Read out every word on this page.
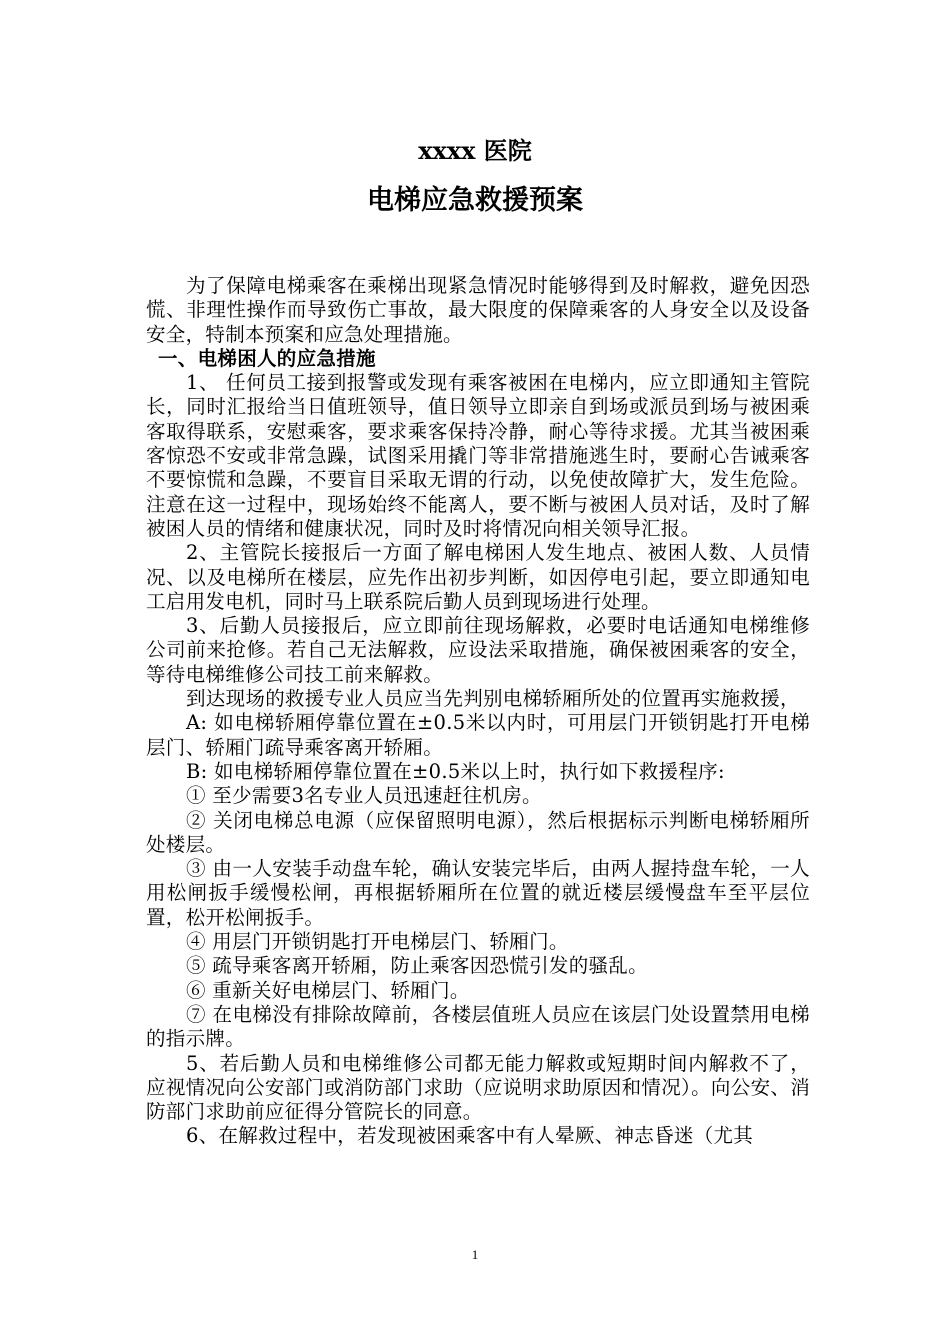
xxxx 医院
电梯应急救援预案

为了保障电梯乘客在乘梯出现紧急情况时能够得到及时解救，避免因恐慌、非理性操作而导致伤亡事故，最大限度的保障乘客的人身安全以及设备安全，特制本预案和应急处理措施。

一、电梯困人的应急措施

1、 任何员工接到报警或发现有乘客被困在电梯内，应立即通知主管院长，同时汇报给当日值班领导，值日领导立即亲自到场或派员到场与被困乘客取得联系，安慰乘客，要求乘客保持冷静，耐心等待求援。尤其当被困乘客惊恐不安或非常急躁，试图采用撬门等非常措施逃生时，要耐心告诫乘客不要惊慌和急躁，不要盲目采取无谓的行动，以免使故障扩大，发生危险。注意在这一过程中，现场始终不能离人，要不断与被困人员对话，及时了解被困人员的情绪和健康状况，同时及时将情况向相关领导汇报。

2、主管院长接报后一方面了解电梯困人发生地点、被困人数、人员情况、以及电梯所在楼层，应先作出初步判断，如因停电引起，要立即通知电工启用发电机，同时马上联系院后勤人员到现场进行处理。

3、后勤人员接报后，应立即前往现场解救，必要时电话通知电梯维修公司前来抢修。若自己无法解救，应设法采取措施，确保被困乘客的安全，等待电梯维修公司技工前来解救。

到达现场的救援专业人员应当先判别电梯轿厢所处的位置再实施救援，

A: 如电梯轿厢停靠位置在±0.5米以内时，可用层门开锁钥匙打开电梯层门、轿厢门疏导乘客离开轿厢。

B: 如电梯轿厢停靠位置在±0.5米以上时，执行如下救援程序:

① 至少需要3名专业人员迅速赶往机房。

② 关闭电梯总电源（应保留照明电源），然后根据标示判断电梯轿厢所处楼层。

③ 由一人安装手动盘车轮，确认安装完毕后，由两人握持盘车轮，一人用松闸扳手缓慢松闸，再根据轿厢所在位置的就近楼层缓慢盘车至平层位置，松开松闸扳手。

④ 用层门开锁钥匙打开电梯层门、轿厢门。

⑤ 疏导乘客离开轿厢，防止乘客因恐慌引发的骚乱。

⑥ 重新关好电梯层门、轿厢门。

⑦ 在电梯没有排除故障前，各楼层值班人员应在该层门处设置禁用电梯的指示牌。

5、若后勤人员和电梯维修公司都无能力解救或短期时间内解救不了，应视情况向公安部门或消防部门求助（应说明求助原因和情况）。向公安、消防部门求助前应征得分管院长的同意。

6、在解救过程中，若发现被困乘客中有人晕厥、神志昏迷（尤其

1
